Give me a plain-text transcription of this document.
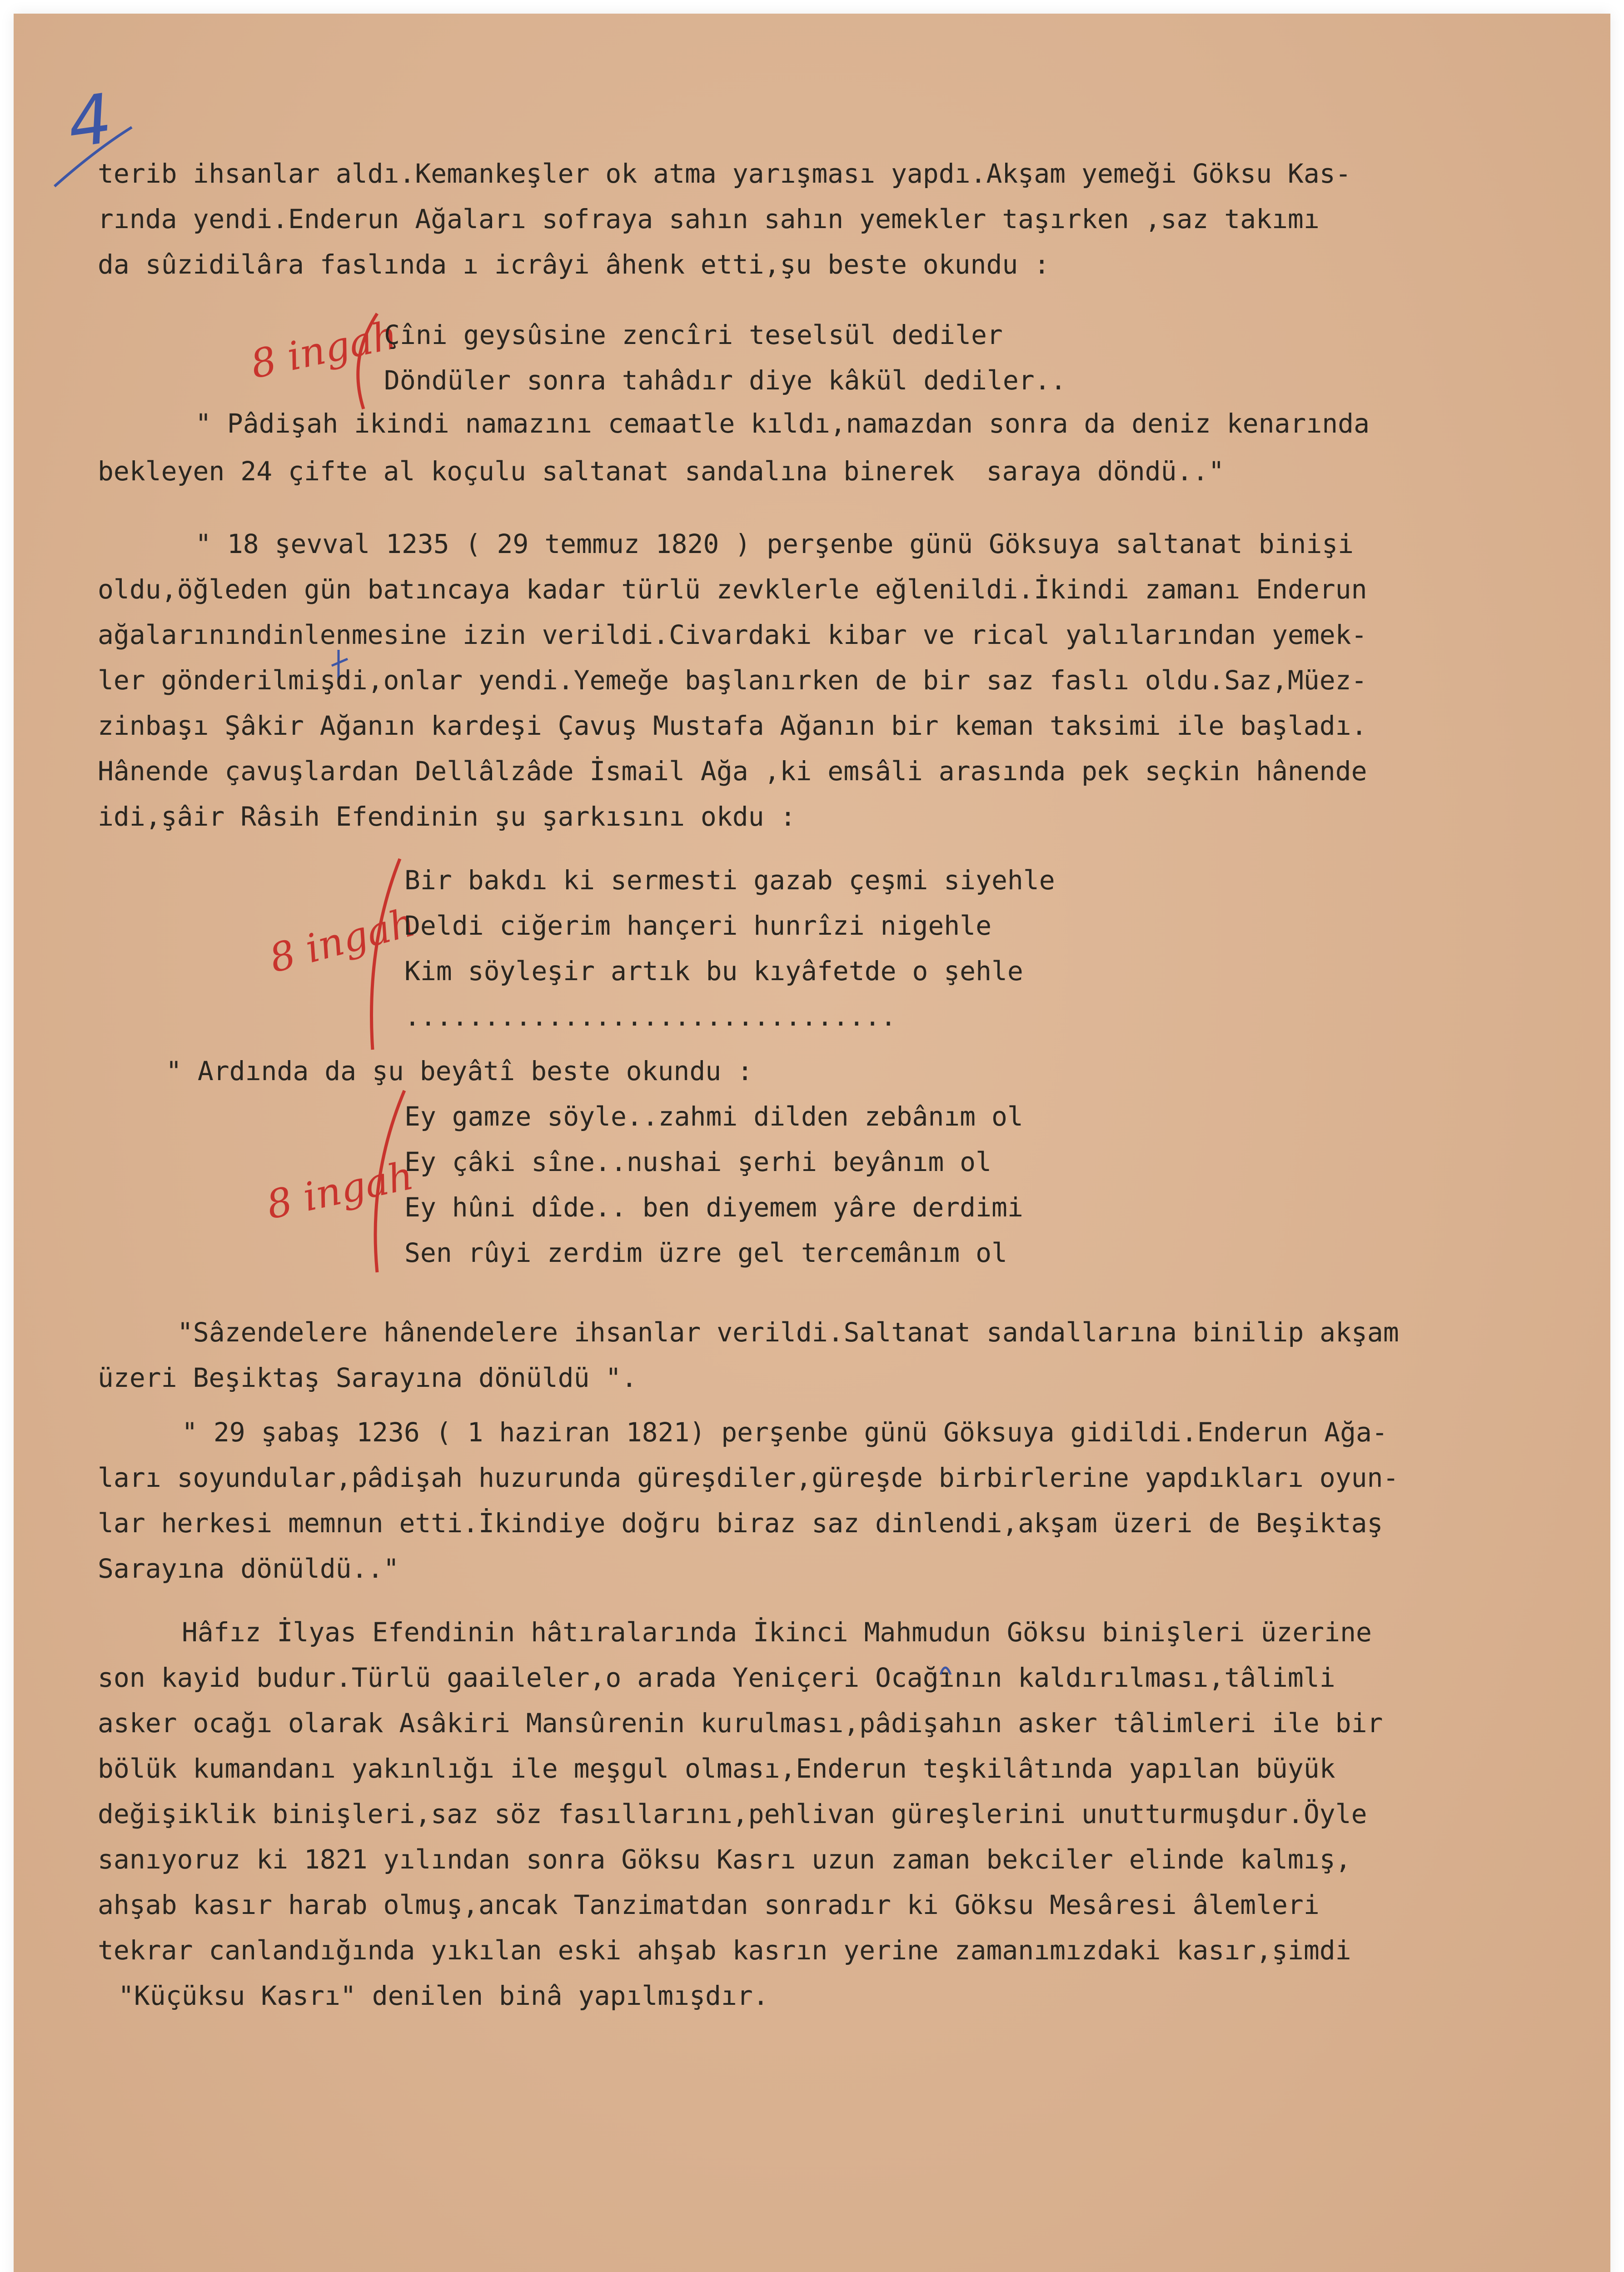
4
8 ingah
8 ingah
8 ingah
terib ihsanlar aldı.Kemankeşler ok atma yarışması yapdı.Akşam yemeği Göksu Kas-
rında yendi.Enderun Ağaları sofraya sahın sahın yemekler taşırken ,saz takımı
da sûzidilâra faslında ı icrâyi âhenk etti,şu beste okundu :
Çîni geysûsine zencîri teselsül dediler
Döndüler sonra tahâdır diye kâkül dediler..
" Pâdişah ikindi namazını cemaatle kıldı,namazdan sonra da deniz kenarında
bekleyen 24 çifte al koçulu saltanat sandalına binerek  saraya döndü.."
" 18 şevval 1235 ( 29 temmuz 1820 ) perşenbe günü Göksuya saltanat binişi
oldu,öğleden gün batıncaya kadar türlü zevklerle eğlenildi.İkindi zamanı Enderun
ağalarınındinlenmesine izin verildi.Civardaki kibar ve rical yalılarından yemek-
ler gönderilmişdi,onlar yendi.Yemeğe başlanırken de bir saz faslı oldu.Saz,Müez-
zinbaşı Şâkir Ağanın kardeşi Çavuş Mustafa Ağanın bir keman taksimi ile başladı.
Hânende çavuşlardan Dellâlzâde İsmail Ağa ,ki emsâli arasında pek seçkin hânende
idi,şâir Râsih Efendinin şu şarkısını okdu :
Bir bakdı ki sermesti gazab çeşmi siyehle
Deldi ciğerim hançeri hunrîzi nigehle
Kim söyleşir artık bu kıyâfetde o şehle
...............................
" Ardında da şu beyâtî beste okundu :
Ey gamze söyle..zahmi dilden zebânım ol
Ey çâki sîne..nushai şerhi beyânım ol
Ey hûni dîde.. ben diyemem yâre derdimi
Sen rûyi zerdim üzre gel tercemânım ol
"Sâzendelere hânendelere ihsanlar verildi.Saltanat sandallarına binilip akşam
üzeri Beşiktaş Sarayına dönüldü ".
" 29 şabaş 1236 ( 1 haziran 1821) perşenbe günü Göksuya gidildi.Enderun Ağa-
ları soyundular,pâdişah huzurunda güreşdiler,güreşde birbirlerine yapdıkları oyun-
lar herkesi memnun etti.İkindiye doğru biraz saz dinlendi,akşam üzeri de Beşiktaş
Sarayına dönüldü.."
Hâfız İlyas Efendinin hâtıralarında İkinci Mahmudun Göksu binişleri üzerine
son kayid budur.Türlü gaaileler,o arada Yeniçeri Ocağının kaldırılması,tâlimli
asker ocağı olarak Asâkiri Mansûrenin kurulması,pâdişahın asker tâlimleri ile bir
bölük kumandanı yakınlığı ile meşgul olması,Enderun teşkilâtında yapılan büyük
değişiklik binişleri,saz söz fasıllarını,pehlivan güreşlerini unutturmuşdur.Öyle
sanıyoruz ki 1821 yılından sonra Göksu Kasrı uzun zaman bekciler elinde kalmış,
ahşab kasır harab olmuş,ancak Tanzimatdan sonradır ki Göksu Mesâresi âlemleri
tekrar canlandığında yıkılan eski ahşab kasrın yerine zamanımızdaki kasır,şimdi
"Küçüksu Kasrı" denilen binâ yapılmışdır.
